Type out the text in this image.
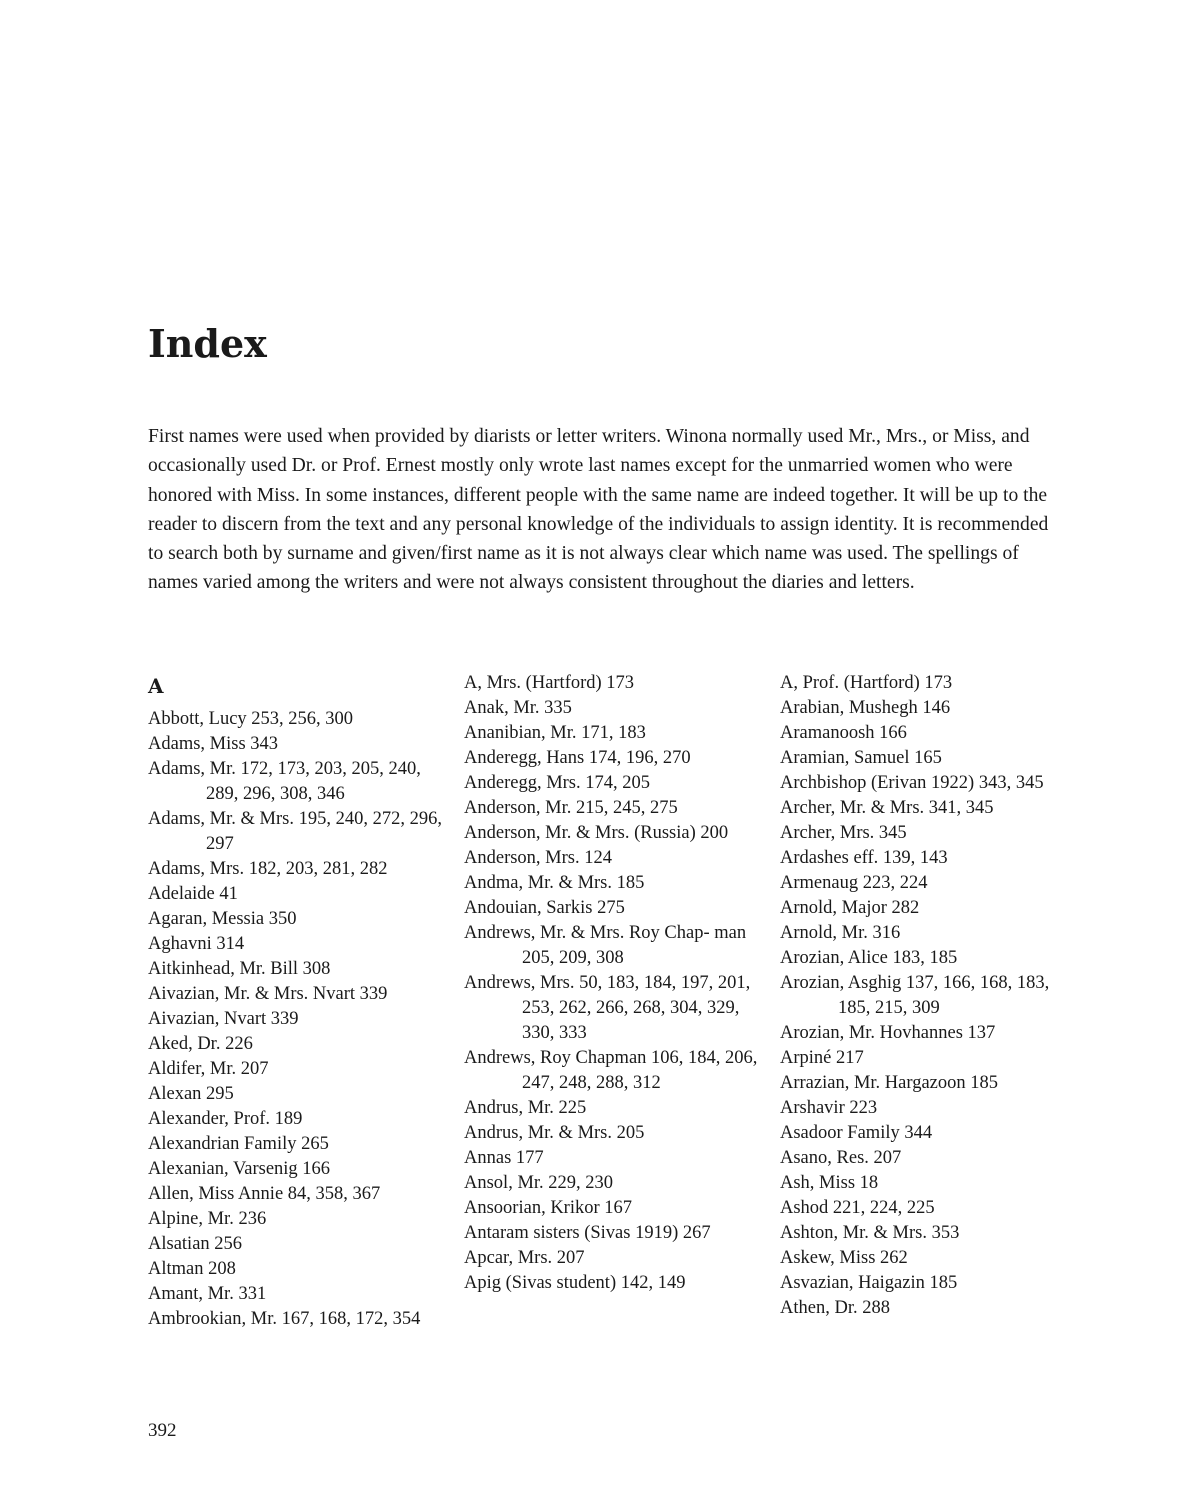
Index

First names were used when provided by diarists or letter writers. Winona normally used Mr., Mrs., or Miss, and occasionally used Dr. or Prof. Ernest mostly only wrote last names except for the unmarried women who were honored with Miss. In some instances, different people with the same name are indeed together. It will be up to the reader to discern from the text and any personal knowledge of the individuals to assign identity. It is recommended to search both by surname and given/first name as it is not always clear which name was used. The spellings of names varied among the writers and were not always consistent throughout the diaries and letters.

A
Abbott, Lucy 253, 256, 300
Adams, Miss 343
Adams, Mr. 172, 173, 203, 205, 240, 289, 296, 308, 346
Adams, Mr. & Mrs. 195, 240, 272, 296, 297
Adams, Mrs. 182, 203, 281, 282
Adelaide 41
Agaran, Messia 350
Aghavni 314
Aitkinhead, Mr. Bill 308
Aivazian, Mr. & Mrs. Nvart 339
Aivazian, Nvart 339
Aked, Dr. 226
Aldifer, Mr. 207
Alexan 295
Alexander, Prof. 189
Alexandrian Family 265
Alexanian, Varsenig 166
Allen, Miss Annie 84, 358, 367
Alpine, Mr. 236
Alsatian 256
Altman 208
Amant, Mr. 331
Ambrookian, Mr. 167, 168, 172, 354
A, Mrs. (Hartford) 173
Anak, Mr. 335
Ananibian, Mr. 171, 183
Anderegg, Hans 174, 196, 270
Anderegg, Mrs. 174, 205
Anderson, Mr. 215, 245, 275
Anderson, Mr. & Mrs. (Russia) 200
Anderson, Mrs. 124
Andma, Mr. & Mrs. 185
Andouian, Sarkis 275
Andrews, Mr. & Mrs. Roy Chap- man 205, 209, 308
Andrews, Mrs. 50, 183, 184, 197, 201, 253, 262, 266, 268, 304, 329, 330, 333
Andrews, Roy Chapman 106, 184, 206, 247, 248, 288, 312
Andrus, Mr. 225
Andrus, Mr. & Mrs. 205
Annas 177
Ansol, Mr. 229, 230
Ansoorian, Krikor 167
Antaram sisters (Sivas 1919) 267
Apcar, Mrs. 207
Apig (Sivas student) 142, 149
A, Prof. (Hartford) 173
Arabian, Mushegh 146
Aramanoosh 166
Aramian, Samuel 165
Archbishop (Erivan 1922) 343, 345
Archer, Mr. & Mrs. 341, 345
Archer, Mrs. 345
Ardashes eff. 139, 143
Armenaug 223, 224
Arnold, Major 282
Arnold, Mr. 316
Arozian, Alice 183, 185
Arozian, Asghig 137, 166, 168, 183, 185, 215, 309
Arozian, Mr. Hovhannes 137
Arpiné 217
Arrazian, Mr. Hargazoon 185
Arshavir 223
Asadoor Family 344
Asano, Res. 207
Ash, Miss 18
Ashod 221, 224, 225
Ashton, Mr. & Mrs. 353
Askew, Miss 262
Asvazian, Haigazin 185
Athen, Dr. 288
392
